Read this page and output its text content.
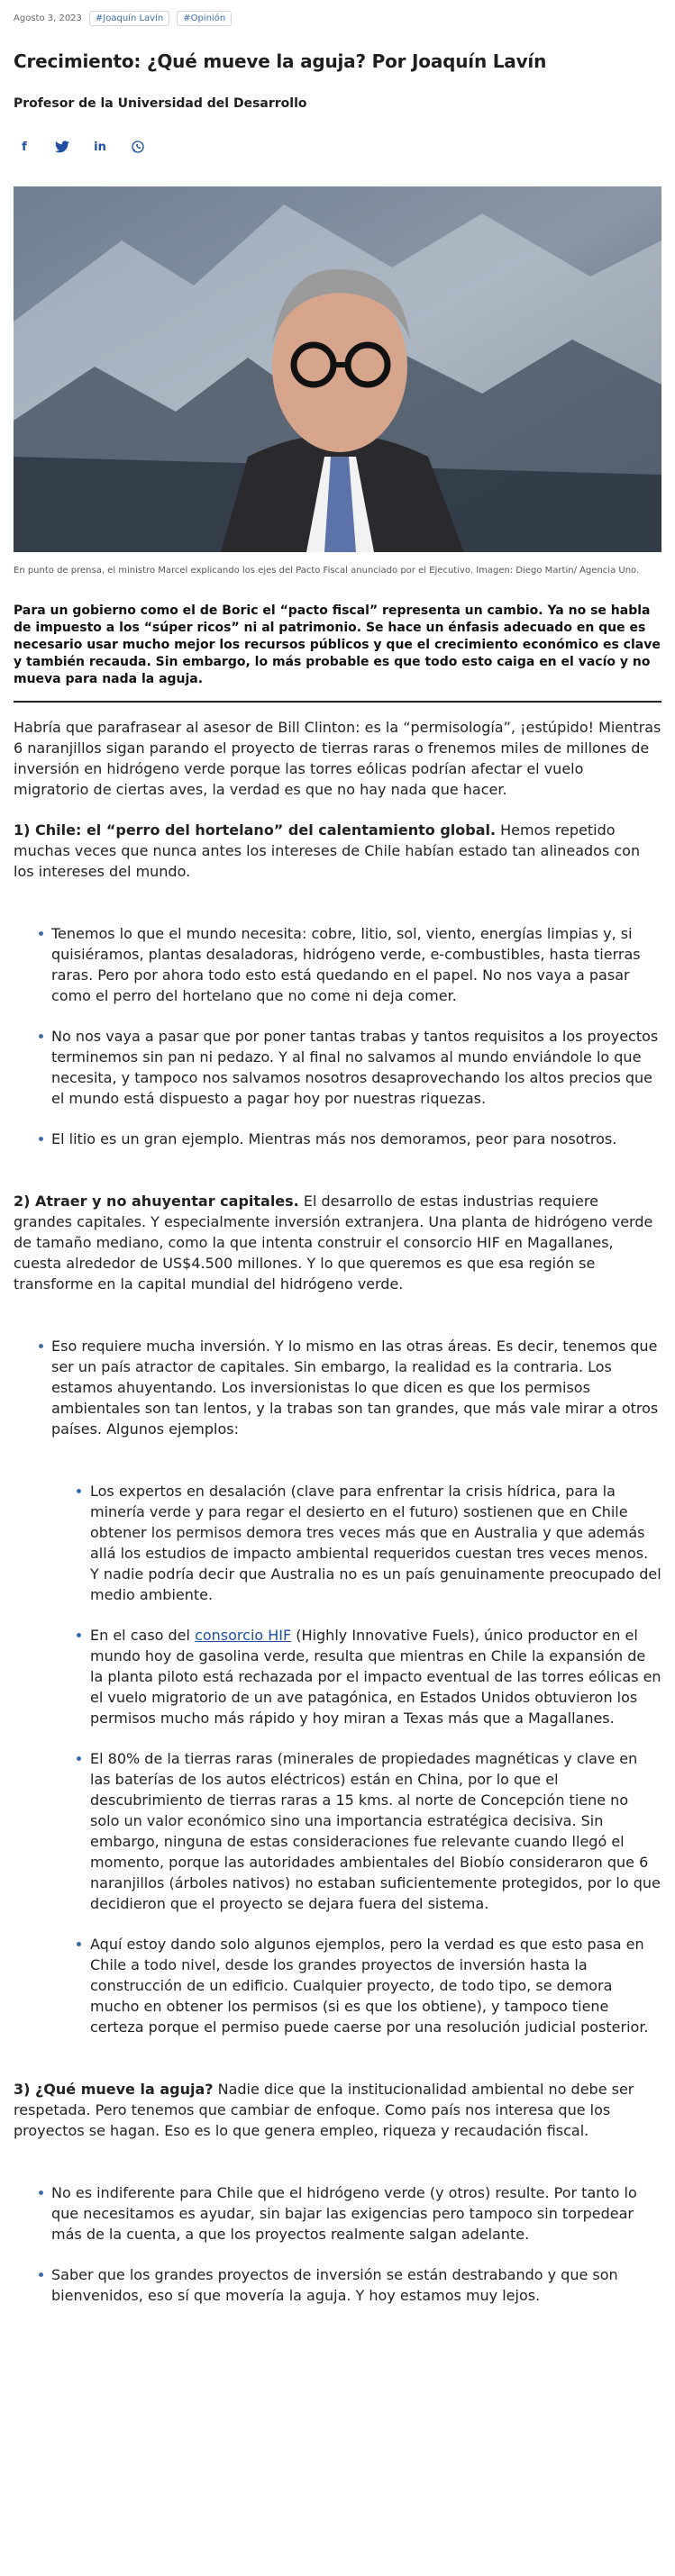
Agosto 3, 2023	#Joaquín Lavín	#Opinión
Crecimiento: ¿Qué mueve la aguja? Por Joaquín Lavín
Profesor de la Universidad del Desarrollo
f	in
En punto de prensa, el ministro Marcel explicando los ejes del Pacto Fiscal anunciado por el Ejecutivo. Imagen: Diego Martin/ Agencia Uno.
Para un gobierno como el de Boric el “pacto fiscal” representa un cambio. Ya no se habla de impuesto a los “súper ricos” ni al patrimonio. Se hace un énfasis adecuado en que es necesario usar mucho mejor los recursos públicos y que el crecimiento económico es clave y también recauda. Sin embargo, lo más probable es que todo esto caiga en el vacío y no mueva para nada la aguja.

Habría que parafrasear al asesor de Bill Clinton: es la “permisología”, ¡estúpido! Mientras 6 naranjillos sigan parando el proyecto de tierras raras o frenemos miles de millones de inversión en hidrógeno verde porque las torres eólicas podrían afectar el vuelo migratorio de ciertas aves, la verdad es que no hay nada que hacer.

1) Chile: el “perro del hortelano” del calentamiento global. Hemos repetido muchas veces que nunca antes los intereses de Chile habían estado tan alineados con los intereses del mundo.

Tenemos lo que el mundo necesita: cobre, litio, sol, viento, energías limpias y, si quisiéramos, plantas desaladoras, hidrógeno verde, e-combustibles, hasta tierras raras. Pero por ahora todo esto está quedando en el papel. No nos vaya a pasar como el perro del hortelano que no come ni deja comer.
No nos vaya a pasar que por poner tantas trabas y tantos requisitos a los proyectos terminemos sin pan ni pedazo. Y al final no salvamos al mundo enviándole lo que necesita, y tampoco nos salvamos nosotros desaprovechando los altos precios que el mundo está dispuesto a pagar hoy por nuestras riquezas.
El litio es un gran ejemplo. Mientras más nos demoramos, peor para nosotros.

2) Atraer y no ahuyentar capitales. El desarrollo de estas industrias requiere grandes capitales. Y especialmente inversión extranjera. Una planta de hidrógeno verde de tamaño mediano, como la que intenta construir el consorcio HIF en Magallanes, cuesta alrededor de US$4.500 millones. Y lo que queremos es que esa región se transforme en la capital mundial del hidrógeno verde.

Eso requiere mucha inversión. Y lo mismo en las otras áreas. Es decir, tenemos que ser un país atractor de capitales. Sin embargo, la realidad es la contraria. Los estamos ahuyentando. Los inversionistas lo que dicen es que los permisos ambientales son tan lentos, y la trabas son tan grandes, que más vale mirar a otros países. Algunos ejemplos:
Los expertos en desalación (clave para enfrentar la crisis hídrica, para la minería verde y para regar el desierto en el futuro) sostienen que en Chile obtener los permisos demora tres veces más que en Australia y que además allá los estudios de impacto ambiental requeridos cuestan tres veces menos. Y nadie podría decir que Australia no es un país genuinamente preocupado del medio ambiente.
En el caso del consorcio HIF (Highly Innovative Fuels), único productor en el mundo hoy de gasolina verde, resulta que mientras en Chile la expansión de la planta piloto está rechazada por el impacto eventual de las torres eólicas en el vuelo migratorio de un ave patagónica, en Estados Unidos obtuvieron los permisos mucho más rápido y hoy miran a Texas más que a Magallanes.
El 80% de la tierras raras (minerales de propiedades magnéticas y clave en las baterías de los autos eléctricos) están en China, por lo que el descubrimiento de tierras raras a 15 kms. al norte de Concepción tiene no solo un valor económico sino una importancia estratégica decisiva. Sin embargo, ninguna de estas consideraciones fue relevante cuando llegó el momento, porque las autoridades ambientales del Biobío consideraron que 6 naranjillos (árboles nativos) no estaban suficientemente protegidos, por lo que decidieron que el proyecto se dejara fuera del sistema.
Aquí estoy dando solo algunos ejemplos, pero la verdad es que esto pasa en Chile a todo nivel, desde los grandes proyectos de inversión hasta la construcción de un edificio. Cualquier proyecto, de todo tipo, se demora mucho en obtener los permisos (si es que los obtiene), y tampoco tiene certeza porque el permiso puede caerse por una resolución judicial posterior.

3) ¿Qué mueve la aguja? Nadie dice que la institucionalidad ambiental no debe ser respetada. Pero tenemos que cambiar de enfoque. Como país nos interesa que los proyectos se hagan. Eso es lo que genera empleo, riqueza y recaudación fiscal.

No es indiferente para Chile que el hidrógeno verde (y otros) resulte. Por tanto lo que necesitamos es ayudar, sin bajar las exigencias pero tampoco sin torpedear más de la cuenta, a que los proyectos realmente salgan adelante.
Saber que los grandes proyectos de inversión se están destrabando y que son bienvenidos, eso sí que movería la aguja. Y hoy estamos muy lejos.
